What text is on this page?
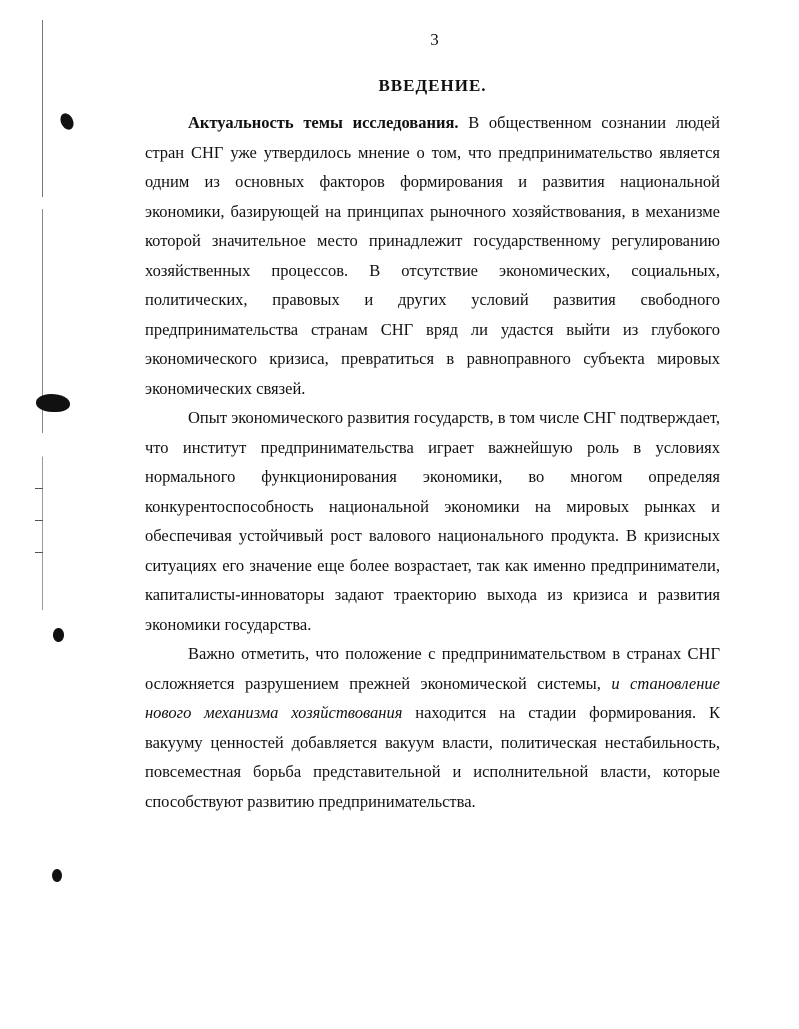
3
ВВЕДЕНИЕ.

Актуальность темы исследования. В общественном сознании людей стран СНГ уже утвердилось мнение о том, что предпринимательство является одним из основных факторов формирования и развития национальной экономики, базирующей на принципах рыночного хозяйствования, в механизме которой значительное место принадлежит государственному регулированию хозяйственных процессов. В отсутствие экономических, социальных, политических, правовых и других условий развития свободного предпринимательства странам СНГ вряд ли удастся выйти из глубокого экономического кризиса, превратиться в равноправного субъекта мировых экономических связей.

Опыт экономического развития государств, в том числе СНГ подтверждает, что институт предпринимательства играет важнейшую роль в условиях нормального функционирования экономики, во многом определяя конкурентоспособность национальной экономики на мировых рынках и обеспечивая устойчивый рост валового национального продукта. В кризисных ситуациях его значение еще более возрастает, так как именно предприниматели, капиталисты-инноваторы задают траекторию выхода из кризиса и развития экономики государства.

Важно отметить, что положение с предпринимательством в странах СНГ осложняется разрушением прежней экономической системы, и становление нового механизма хозяйствования находится на стадии формирования. К вакууму ценностей добавляется вакуум власти, политическая нестабильность, повсеместная борьба представительной и исполнительной власти, которые способствуют развитию предпринимательства.
